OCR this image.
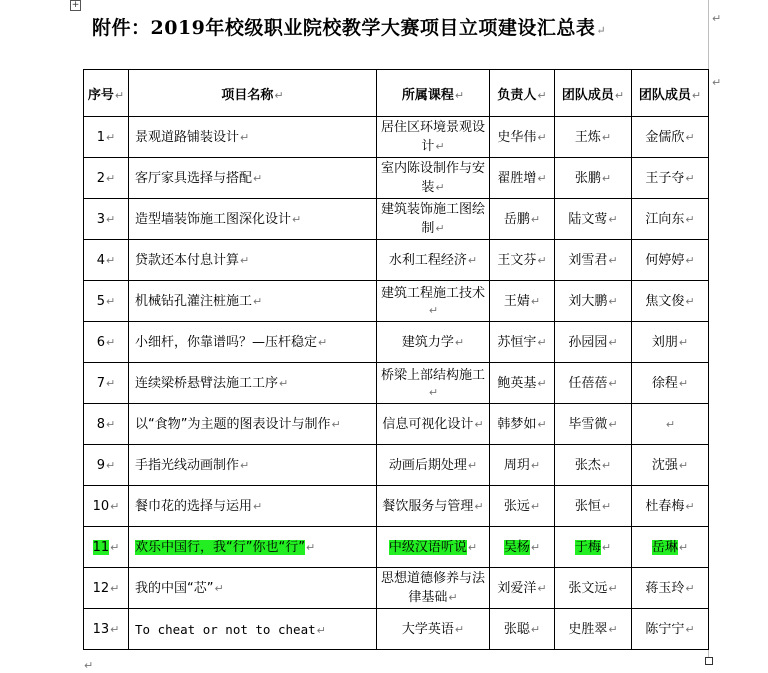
+
↵
附件：2019年校级职业院校教学大赛项目立项建设汇总表↵
序号↵	项目名称↵	所属课程↵	负责人↵	团队成员↵	团队成员↵
1↵	景观道路铺装设计↵	居住区环境景观设计↵	史华伟↵	王炼↵	金儒欣↵
2↵	客厅家具选择与搭配↵	室内陈设制作与安装↵	翟胜增↵	张鹏↵	王子夺↵
3↵	造型墙装饰施工图深化设计↵	建筑装饰施工图绘制↵	岳鹏↵	陆文莺↵	江向东↵
4↵	贷款还本付息计算↵	水利工程经济↵	王文芬↵	刘雪君↵	何婷婷↵
5↵	机械钻孔灌注桩施工↵	建筑工程施工技术↵	王婧↵	刘大鹏↵	焦文俊↵
6↵	小细杆，你靠谱吗？—压杆稳定↵	建筑力学↵	苏恒宇↵	孙园园↵	刘朋↵
7↵	连续梁桥悬臂法施工工序↵	桥梁上部结构施工↵	鲍英基↵	任蓓蓓↵	徐程↵
8↵	以“食物”为主题的图表设计与制作↵	信息可视化设计↵	韩梦如↵	毕雪微↵	↵
9↵	手指光线动画制作↵	动画后期处理↵	周玥↵	张杰↵	沈强↵
10↵	餐巾花的选择与运用↵	餐饮服务与管理↵	张远↵	张恒↵	杜春梅↵
11↵	欢乐中国行，我“行”你也“行”↵	中级汉语听说↵	吴杨↵	于梅↵	岳琳↵
12↵	我的中国“芯”↵	思想道德修养与法律基础↵	刘爱洋↵	张文远↵	蒋玉玲↵
13↵	To cheat or not to cheat↵	大学英语↵	张聪↵	史胜翠↵	陈宁宁↵
↵
↵
